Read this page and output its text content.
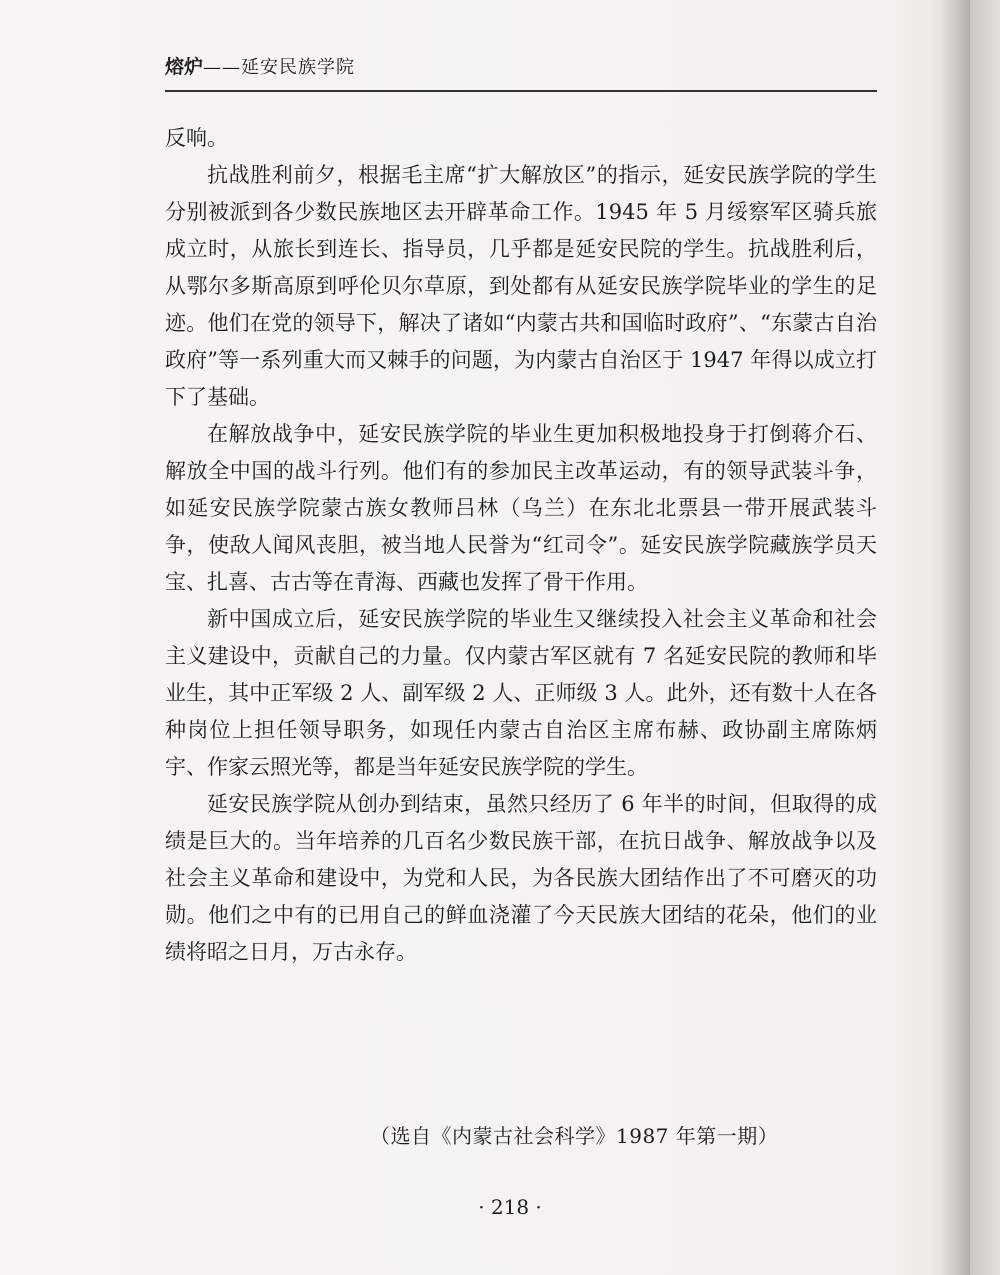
熔炉——延安民族学院

反响。

抗战胜利前夕，根据毛主席“扩大解放区”的指示，延安民族学院的学生分别被派到各少数民族地区去开辟革命工作。1945 年 5 月绥察军区骑兵旅成立时，从旅长到连长、指导员，几乎都是延安民院的学生。抗战胜利后，从鄂尔多斯高原到呼伦贝尔草原，到处都有从延安民族学院毕业的学生的足迹。他们在党的领导下，解决了诸如“内蒙古共和国临时政府”、“东蒙古自治政府”等一系列重大而又棘手的问题，为内蒙古自治区于 1947 年得以成立打下了基础。

在解放战争中，延安民族学院的毕业生更加积极地投身于打倒蒋介石、解放全中国的战斗行列。他们有的参加民主改革运动，有的领导武装斗争，如延安民族学院蒙古族女教师吕林（乌兰）在东北北票县一带开展武装斗争，使敌人闻风丧胆，被当地人民誉为“红司令”。延安民族学院藏族学员天宝、扎喜、古古等在青海、西藏也发挥了骨干作用。

新中国成立后，延安民族学院的毕业生又继续投入社会主义革命和社会主义建设中，贡献自己的力量。仅内蒙古军区就有 7 名延安民院的教师和毕业生，其中正军级 2 人、副军级 2 人、正师级 3 人。此外，还有数十人在各种岗位上担任领导职务，如现任内蒙古自治区主席布赫、政协副主席陈炳宇、作家云照光等，都是当年延安民族学院的学生。

延安民族学院从创办到结束，虽然只经历了 6 年半的时间，但取得的成绩是巨大的。当年培养的几百名少数民族干部，在抗日战争、解放战争以及社会主义革命和建设中，为党和人民，为各民族大团结作出了不可磨灭的功勋。他们之中有的已用自己的鲜血浇灌了今天民族大团结的花朵，他们的业绩将昭之日月，万古永存。

（选自《内蒙古社会科学》1987 年第一期）
· 218 ·
